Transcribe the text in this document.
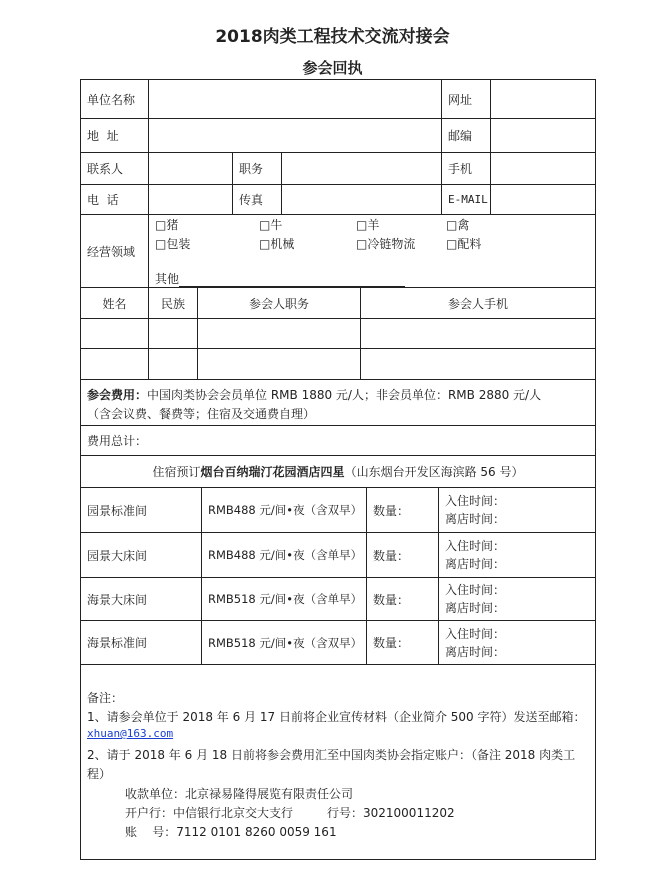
2018肉类工程技术交流对接会
参会回执
单位名称	网址
地  址	邮编
联系人	职务	手机
电  话	传真	E-MAIL
经营领域
□猪	□牛	□羊	□禽
□包装	□机械	□冷链物流	□配料
其他
姓名	民族	参会人职务	参会人手机
参会费用：中国肉类协会会员单位 RMB 1880 元/人；非会员单位：RMB 2880 元/人
（含会议费、餐费等；住宿及交通费自理）
费用总计：
住宿预订 烟台百纳瑞汀花园酒店四星 （山东烟台开发区海滨路 56 号）
园景标准间	RMB488 元/间•夜（含双早） 数量：
入住时间：
离店时间：
园景大床间	RMB488 元/间•夜（含单早） 数量：
入住时间：
离店时间：
海景大床间	RMB518 元/间•夜（含单早） 数量：
入住时间：
离店时间：
海景标准间	RMB518 元/间•夜（含双早） 数量：
入住时间：
离店时间：
备注：
1、请参会单位于 2018 年 6 月 17 日前将企业宣传材料（企业简介 500 字符）发送至邮箱：
xhuan@163.com
2、请于 2018 年 6 月 18 日前将参会费用汇至中国肉类协会指定账户：（备注 2018 肉类工
程）
收款单位：北京禄易隆得展览有限责任公司
开户行：中信银行北京交大支行	行号：302100011202
账    号：7112 0101 8260 0059 161
